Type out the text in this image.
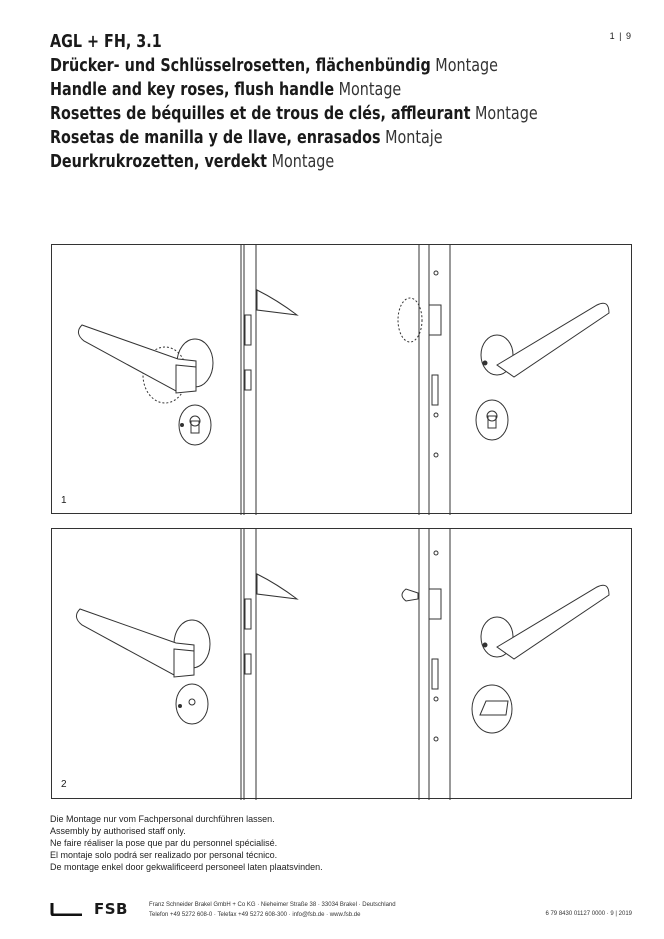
1 | 9
AGL + FH, 3.1
Drücker- und Schlüsselrosetten, flächenbündig Montage
Handle and key roses, flush handle Montage
Rosettes de béquilles et de trous de clés, affleurant Montage
Rosetas de manilla y de llave, enrasados Montaje
Deurkrukrozetten, verdekt Montage
1
2
Die Montage nur vom Fachpersonal durchführen lassen.
Assembly by authorised staff only.
Ne faire réaliser la pose que par du personnel spécialisé.
El montaje solo podrá ser realizado por personal técnico.
De montage enkel door gekwalificeerd personeel laten plaatsvinden.
FSB	Franz Schneider Brakel GmbH + Co KG · Nieheimer Straße 38 · 33034 Brakel · Deutschland
Telefon +49 5272 608-0 · Telefax +49 5272 608-300 · info@fsb.de · www.fsb.de	6 79 8430 01127 0000 · 9 | 2019
